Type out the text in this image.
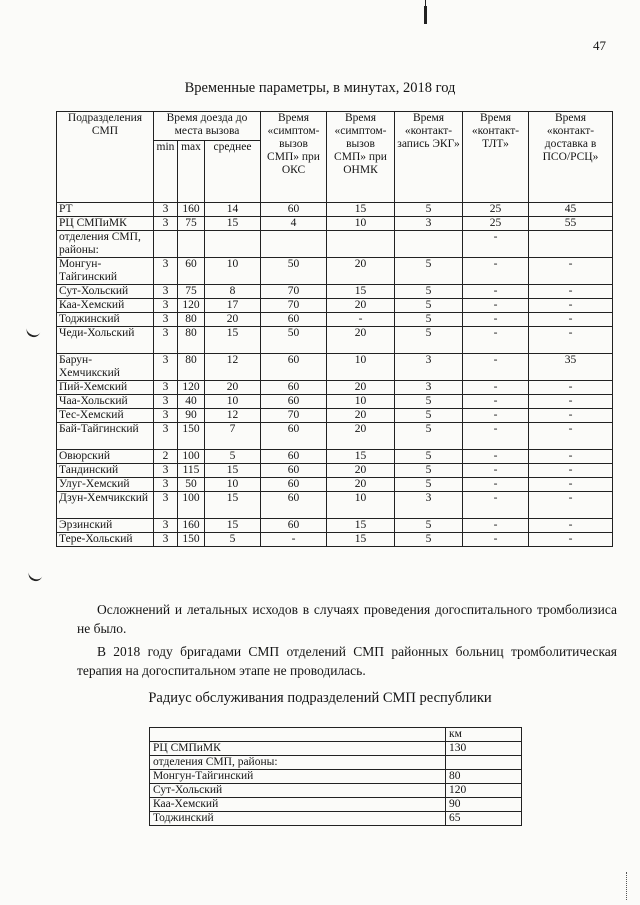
47
Временные параметры, в минутах, 2018 год
Подразделения СМП	Время доезда до места вызова			Время «симптом-вызов СМП» при ОКС	Время «симптом-вызов СМП» при ОНМК	Время «контакт-запись ЭКГ»	Время «контакт-ТЛТ»	Время «контакт-доставка в ПСО/РСЦ»
	min	max	среднее					
РТ	3	160	14	60	15	5	25	45
РЦ СМПиМК	3	75	15	4	10	3	25	55
отделения СМП, районы:							-	
Монгун-Тайгинский	3	60	10	50	20	5	-	-
Сут-Хольский	3	75	8	70	15	5	-	-
Каа-Хемский	3	120	17	70	20	5	-	-
Тоджинский	3	80	20	60	-	5	-	-
Чеди-Хольский	3	80	15	50	20	5	-	-
Барун-Хемчикский	3	80	12	60	10	3	-	35
Пий-Хемский	3	120	20	60	20	3	-	-
Чаа-Хольский	3	40	10	60	10	5	-	-
Тес-Хемский	3	90	12	70	20	5	-	-
Бай-Тайгинский	3	150	7	60	20	5	-	-
Овюрский	2	100	5	60	15	5	-	-
Тандинский	3	115	15	60	20	5	-	-
Улуг-Хемский	3	50	10	60	20	5	-	-
Дзун-Хемчикский	3	100	15	60	10	3	-	-
Эрзинский	3	160	15	60	15	5	-	-
Тере-Хольский	3	150	5	-	15	5	-	-
Осложнений и летальных исходов в случаях проведения догоспитального тромболизиса не было.
В 2018 году бригадами СМП отделений СМП районных больниц тромболитическая терапия на догоспитальном этапе не проводилась.
Радиус обслуживания подразделений СМП республики
	км
РЦ СМПиМК	130
отделения СМП, районы:	
Монгун-Тайгинский	80
Сут-Хольский	120
Каа-Хемский	90
Тоджинский	65
